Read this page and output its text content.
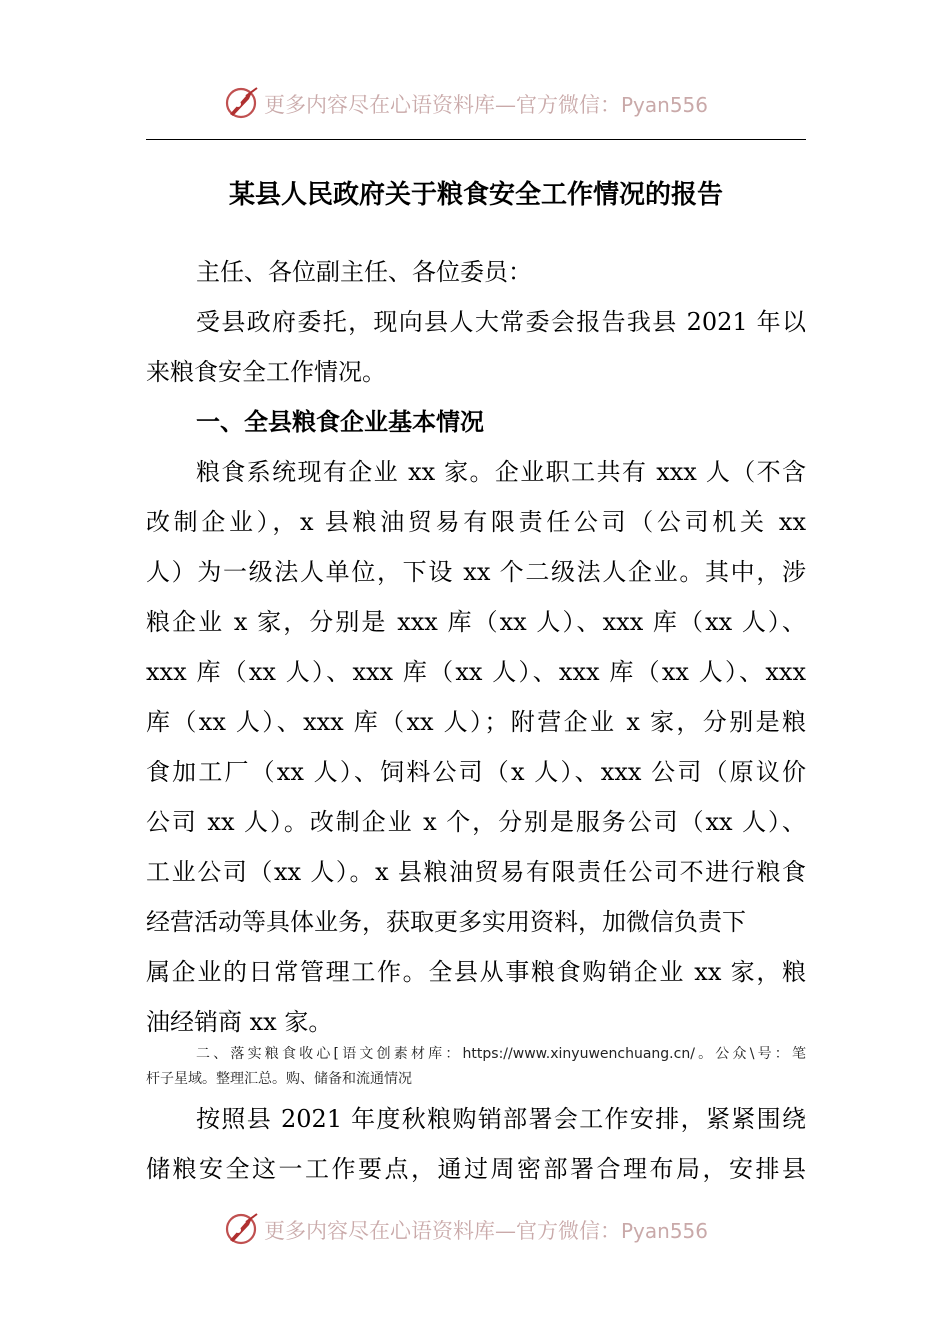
更多内容尽在心语资料库—官方微信：Pyan556
某县人民政府关于粮食安全工作情况的报告
主任、各位副主任、各位委员：
受县政府委托，现向县人大常委会报告我县 2021 年以
来粮食安全工作情况。
一、全县粮食企业基本情况
粮食系统现有企业 xx 家。企业职工共有 xxx 人（不含
改制企业），x 县粮油贸易有限责任公司（公司机关 xx
人）为一级法人单位，下设 xx 个二级法人企业。其中，涉
粮企业 x 家，分别是 xxx 库（xx 人）、xxx 库（xx 人）、
xxx 库（xx 人）、xxx 库（xx 人）、xxx 库（xx 人）、xxx
库（xx 人）、xxx 库（xx 人）；附营企业 x 家，分别是粮
食加工厂（xx 人）、饲料公司（x 人）、xxx 公司（原议价
公司 xx 人）。改制企业 x 个，分别是服务公司（xx 人）、
工业公司（xx 人）。x 县粮油贸易有限责任公司不进行粮食
经营活动等具体业务，获取更多实用资料，加微信负责下
属企业的日常管理工作。全县从事粮食购销企业 xx 家，粮
油经销商 xx 家。
二、落实粮食收心[语文创素材库：https://www.xinyuwenchuang.cn/。公众\号：笔
杆子星域。整理汇总。购、储备和流通情况
按照县 2021 年度秋粮购销部署会工作安排，紧紧围绕
储粮安全这一工作要点，通过周密部署合理布局，安排县
更多内容尽在心语资料库—官方微信：Pyan556
